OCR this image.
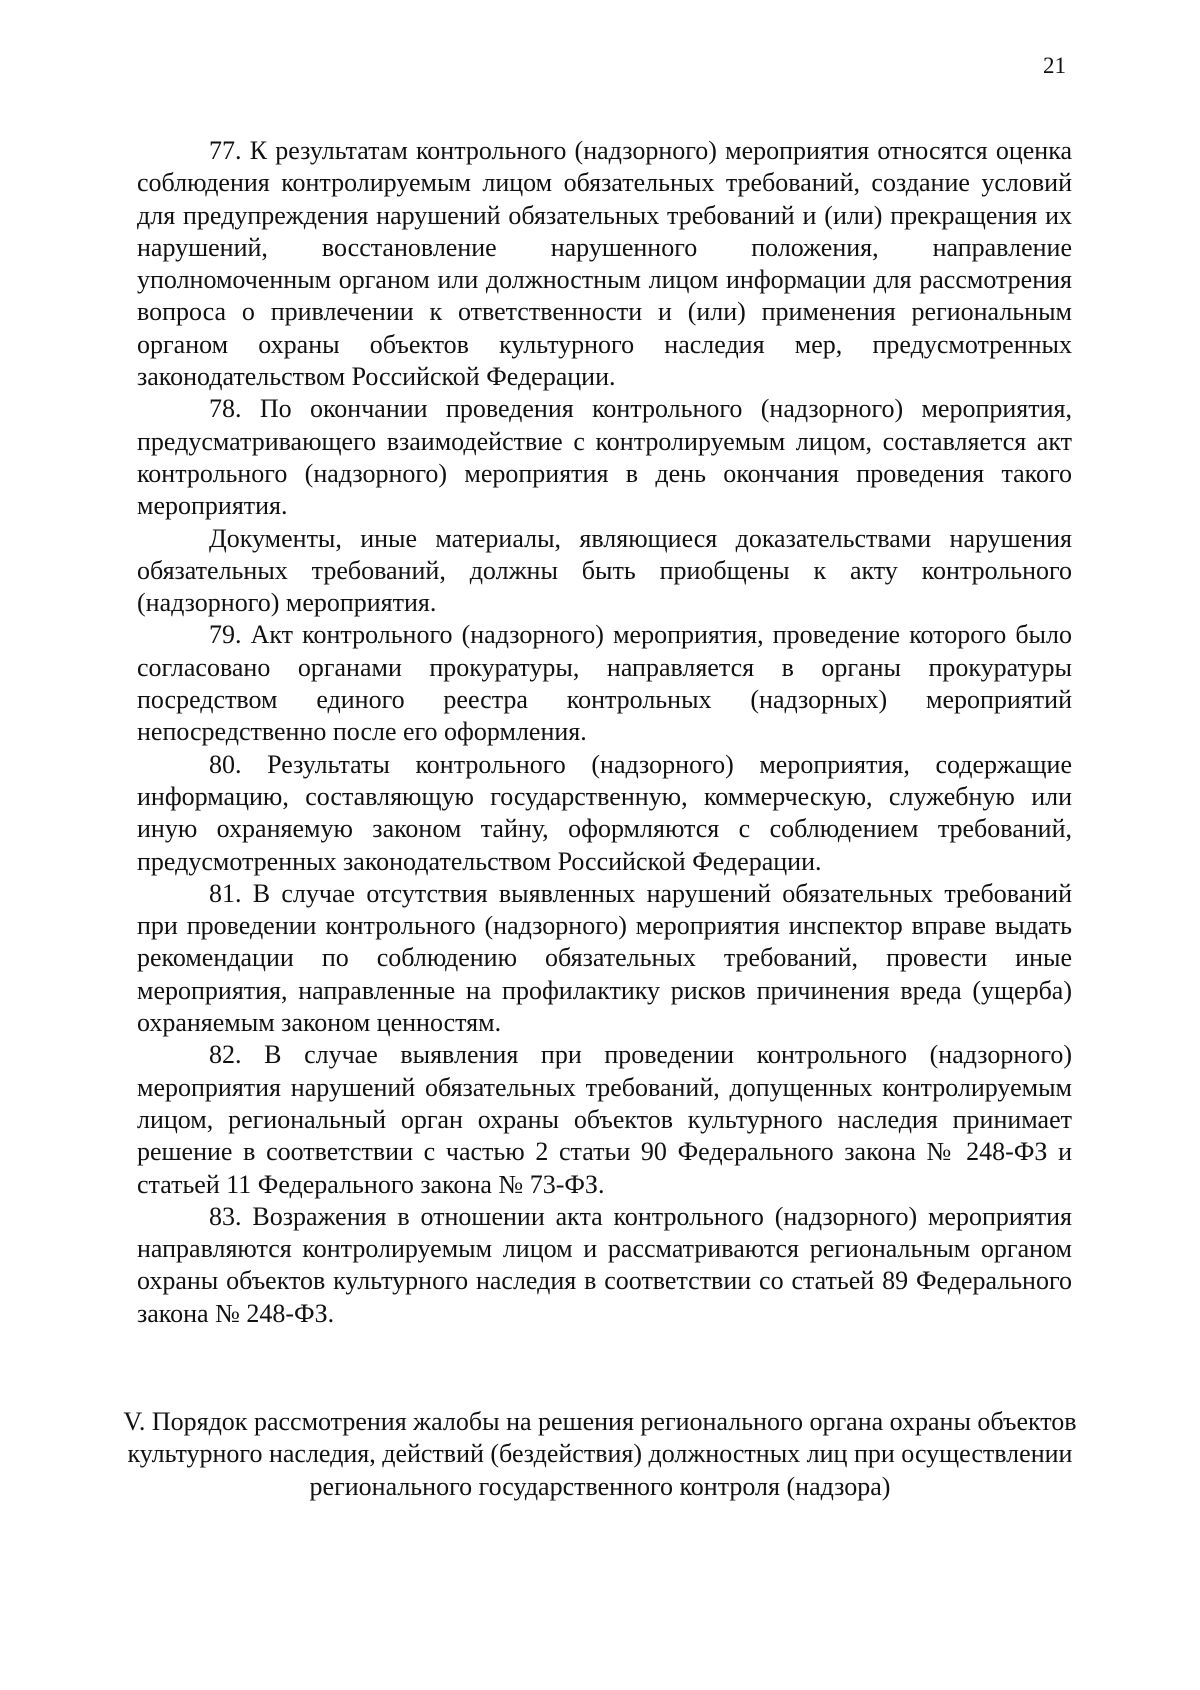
21

77. К результатам контрольного (надзорного) мероприятия относятся оценка соблюдения контролируемым лицом обязательных требований, создание условий для предупреждения нарушений обязательных требований и (или) прекращения их нарушений, восстановление нарушенного положения, направление уполномоченным органом или должностным лицом информации для рассмотрения вопроса о привлечении к ответственности и (или) применения региональным органом охраны объектов культурного наследия мер, предусмотренных законодательством Российской Федерации.

78. По окончании проведения контрольного (надзорного) мероприятия, предусматривающего взаимодействие с контролируемым лицом, составляется акт контрольного (надзорного) мероприятия в день окончания проведения такого мероприятия.

Документы, иные материалы, являющиеся доказательствами нарушения обязательных требований, должны быть приобщены к акту контрольного (надзорного) мероприятия.

79. Акт контрольного (надзорного) мероприятия, проведение которого было согласовано органами прокуратуры, направляется в органы прокуратуры посредством единого реестра контрольных (надзорных) мероприятий непосредственно после его оформления.

80. Результаты контрольного (надзорного) мероприятия, содержащие информацию, составляющую государственную, коммерческую, служебную или иную охраняемую законом тайну, оформляются с соблюдением требований, предусмотренных законодательством Российской Федерации.

81. В случае отсутствия выявленных нарушений обязательных требований при проведении контрольного (надзорного) мероприятия инспектор вправе выдать рекомендации по соблюдению обязательных требований, провести иные мероприятия, направленные на профилактику рисков причинения вреда (ущерба) охраняемым законом ценностям.

82. В случае выявления при проведении контрольного (надзорного) мероприятия нарушений обязательных требований, допущенных контролируемым лицом, региональный орган охраны объектов культурного наследия принимает решение в соответствии с частью 2 статьи 90 Федерального закона № 248-ФЗ и статьей 11 Федерального закона № 73-ФЗ.

83. Возражения в отношении акта контрольного (надзорного) мероприятия направляются контролируемым лицом и рассматриваются региональным органом охраны объектов культурного наследия в соответствии со статьей 89 Федерального закона № 248-ФЗ.

V. Порядок рассмотрения жалобы на решения регионального органа охраны объектов культурного наследия, действий (бездействия) должностных лиц при осуществлении регионального государственного контроля (надзора)
